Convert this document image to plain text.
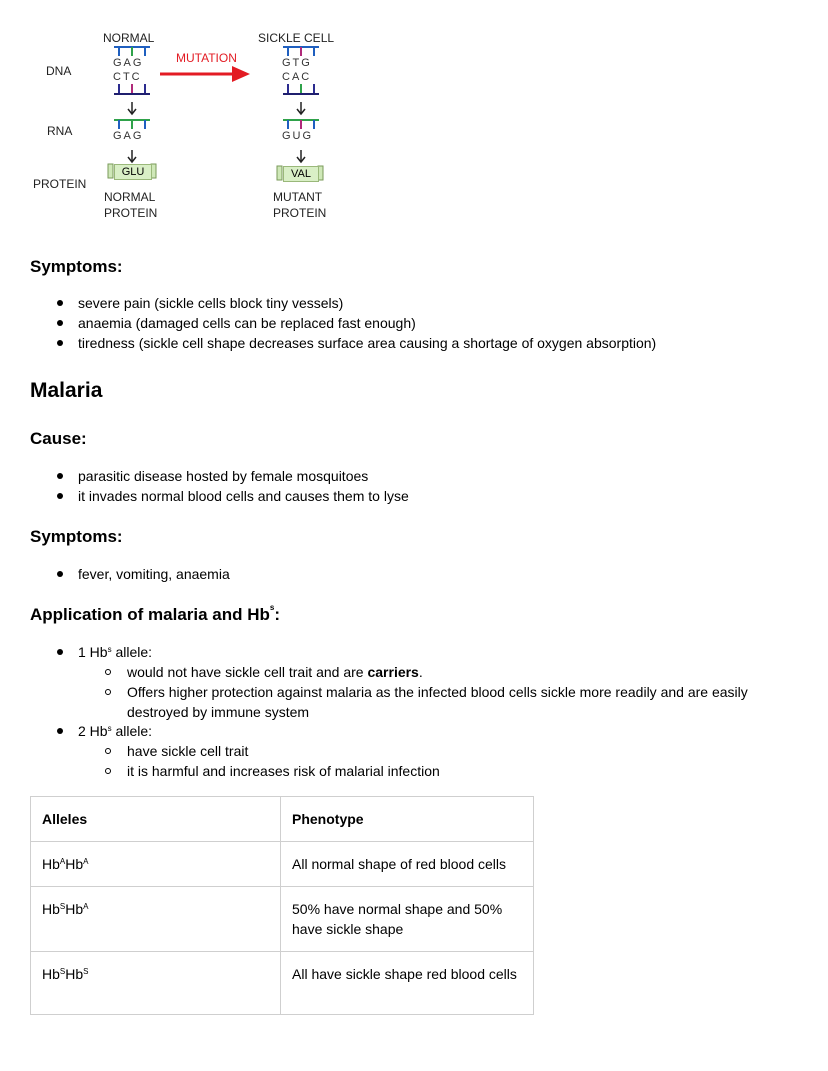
NORMAL	SICKLE CELL
MUTATION
DNA
RNA
PROTEIN
GAG
CTC
GTG
CAC
GAG	GUG
GLU	VAL
NORMAL
PROTEIN
MUTANT
PROTEIN
Symptoms:
severe pain (sickle cells block tiny vessels)
anaemia (damaged cells can be replaced fast enough)
tiredness (sickle cell shape decreases surface area causing a shortage of oxygen absorption)
Malaria
Cause:
parasitic disease hosted by female mosquitoes
it invades normal blood cells and causes them to lyse
Symptoms:
fever, vomiting, anaemia
Application of malaria and Hb$^s$:
1 Hb$^s$ allele:
would not have sickle cell trait and are carriers.
Offers higher protection against malaria as the infected blood cells sickle more readily and are easily destroyed by immune system
2 Hb$^s$ allele:
have sickle cell trait
it is harmful and increases risk of malarial infection
Alleles	Phenotype
$Hb^AHb^A$	All normal shape of red blood cells
$Hb^SHb^A$	50% have normal shape and 50% have sickle shape
$Hb^SHb^S$	All have sickle shape red blood cells
